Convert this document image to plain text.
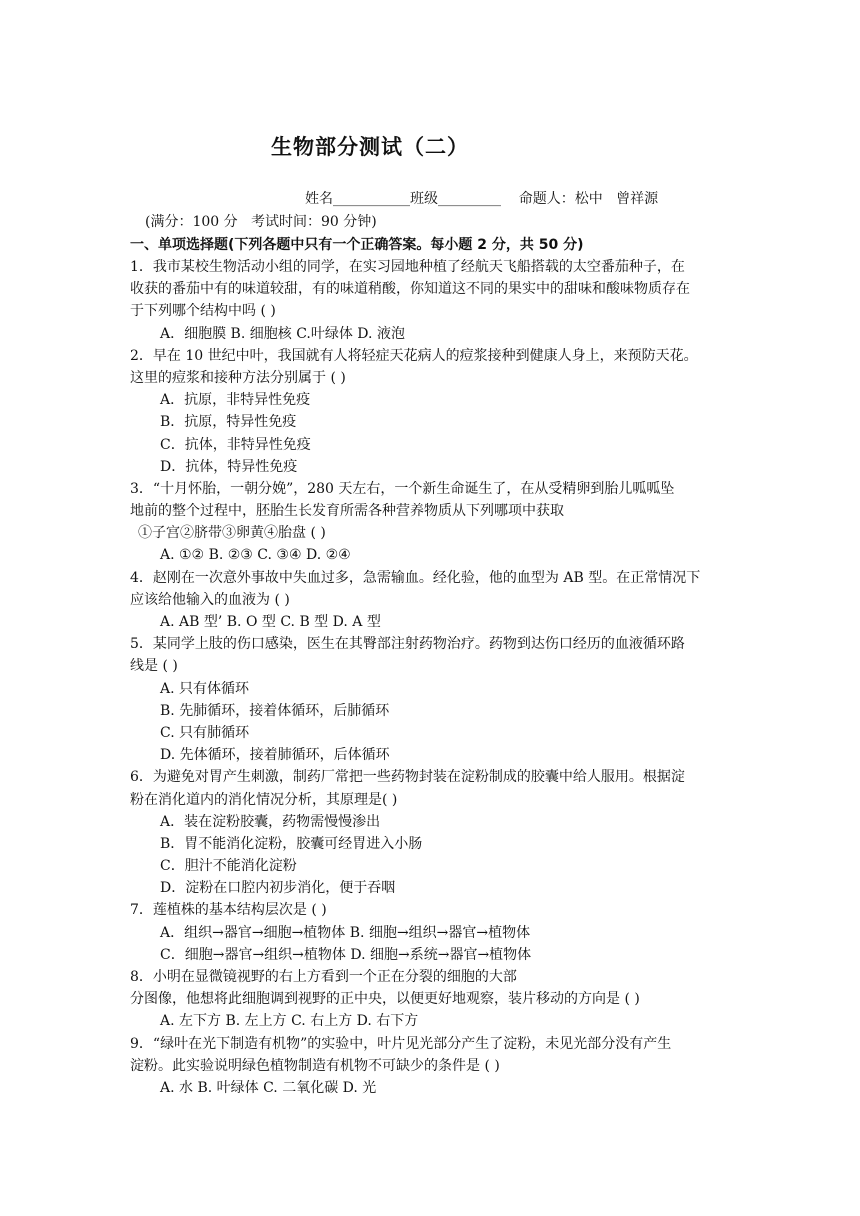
生物部分测试（二）
姓名___________班级_________    命题人：松中   曾祥源
(满分：100 分   考试时间：90 分钟)
一、单项选择题(下列各题中只有一个正确答案。每小题 2 分，共 50 分)
1．我市某校生物活动小组的同学，在实习园地种植了经航天飞船搭载的太空番茄种子，在
收获的番茄中有的味道较甜，有的味道稍酸，你知道这不同的果实中的甜味和酸味物质存在
于下列哪个结构中吗 ( )
A．细胞膜 B. 细胞核 C.叶绿体 D. 液泡
2．早在 10 世纪中叶，我国就有人将轻症天花病人的痘浆接种到健康人身上，来预防天花。
这里的痘浆和接种方法分别属于 ( )
A．抗原，非特异性免疫
B．抗原，特异性免疫
C．抗体，非特异性免疫
D．抗体，特异性免疫
3．“十月怀胎，一朝分娩”，280 天左右，一个新生命诞生了，在从受精卵到胎儿呱呱坠
地前的整个过程中，胚胎生长发育所需各种营养物质从下列哪项中获取
①子宫②脐带③卵黄④胎盘 ( )
A. ①② B. ②③ C. ③④ D. ②④
4．赵刚在一次意外事故中失血过多，急需输血。经化验，他的血型为 AB 型。在正常情况下
应该给他输入的血液为 ( )
A. AB 型’ B. O 型 C. B 型 D. A 型
5．某同学上肢的伤口感染，医生在其臀部注射药物治疗。药物到达伤口经历的血液循环路
线是 ( )
A. 只有体循环
B. 先肺循环，接着体循环，后肺循环
C. 只有肺循环
D. 先体循环，接着肺循环，后体循环
6．为避免对胃产生刺激，制药厂常把一些药物封装在淀粉制成的胶囊中给人服用。根据淀
粉在消化道内的消化情况分析，其原理是( )
A．装在淀粉胶囊，药物需慢慢渗出
B．胃不能消化淀粉，胶囊可经胃进入小肠
C．胆汁不能消化淀粉
D．淀粉在口腔内初步消化，便于吞咽
7．莲植株的基本结构层次是 ( )
A．组织→器官→细胞→植物体 B. 细胞→组织→器官→植物体
C．细胞→器官→组织→植物体 D. 细胞→系统→器官→植物体
8．小明在显微镜视野的右上方看到一个正在分裂的细胞的大部
分图像，他想将此细胞调到视野的正中央，以便更好地观察，装片移动的方向是 ( )
A. 左下方 B. 左上方 C. 右上方 D. 右下方
9．“绿叶在光下制造有机物”的实验中，叶片见光部分产生了淀粉，未见光部分没有产生
淀粉。此实验说明绿色植物制造有机物不可缺少的条件是 ( )
A. 水 B. 叶绿体 C. 二氧化碳 D. 光
